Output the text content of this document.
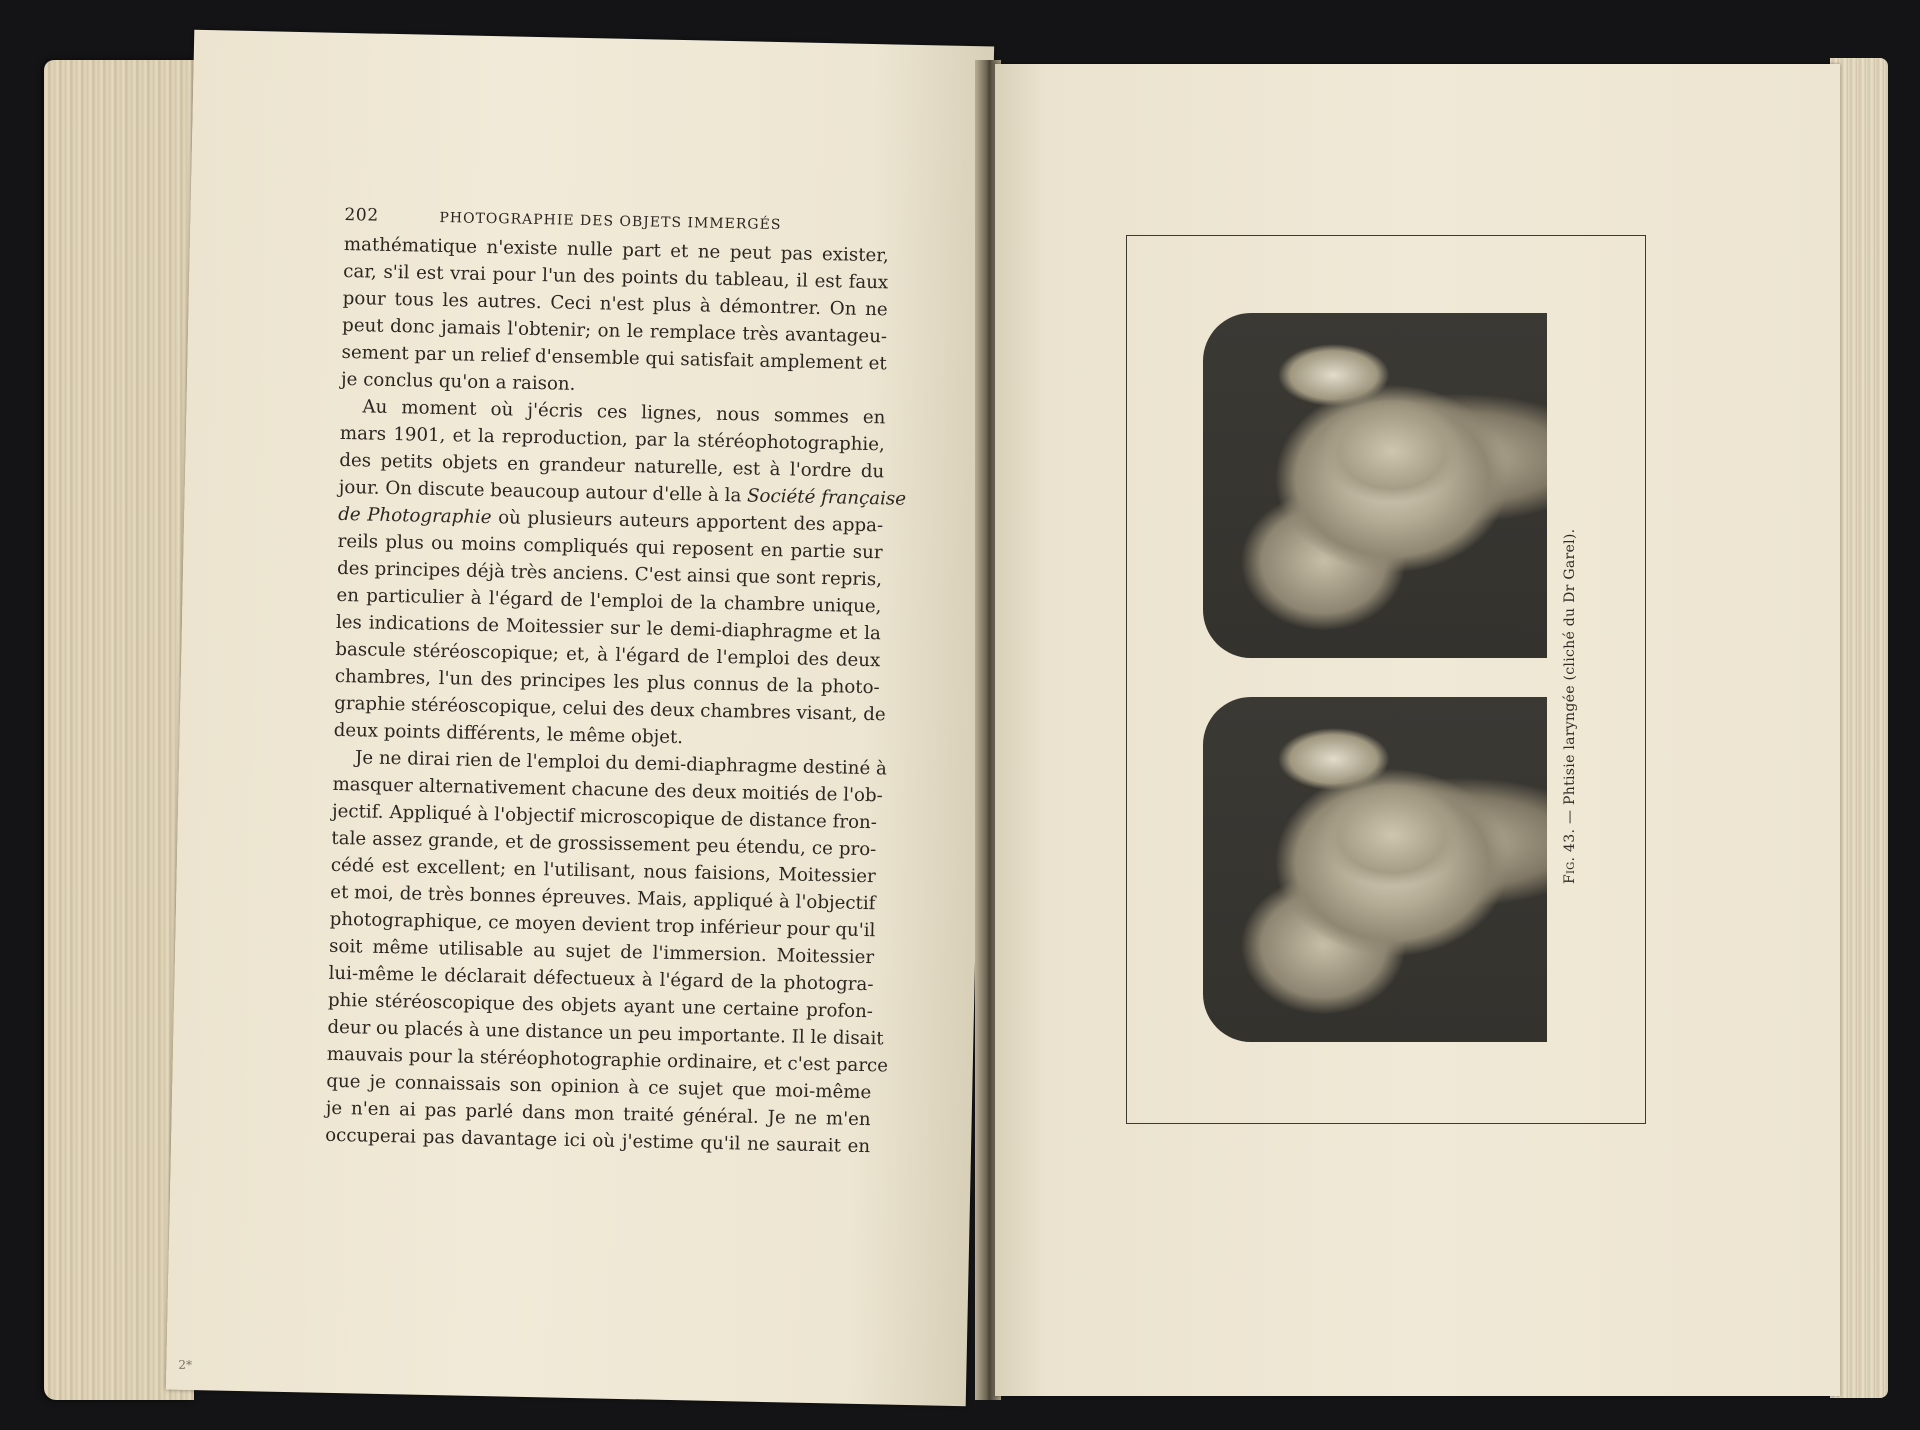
202	PHOTOGRAPHIE DES OBJETS IMMERGÉS
mathématique n'existe nulle part et ne peut pas exister,
car, s'il est vrai pour l'un des points du tableau, il est faux
pour tous les autres. Ceci n'est plus à démontrer. On ne
peut donc jamais l'obtenir; on le remplace très avantageu-
sement par un relief d'ensemble qui satisfait amplement et
je conclus qu'on a raison.
Au moment où j'écris ces lignes, nous sommes en
mars 1901, et la reproduction, par la stéréophotographie,
des petits objets en grandeur naturelle, est à l'ordre du
jour. On discute beaucoup autour d'elle à la Société française
de Photographie où plusieurs auteurs apportent des appa-
reils plus ou moins compliqués qui reposent en partie sur
des principes déjà très anciens. C'est ainsi que sont repris,
en particulier à l'égard de l'emploi de la chambre unique,
les indications de Moitessier sur le demi-diaphragme et la
bascule stéréoscopique; et, à l'égard de l'emploi des deux
chambres, l'un des principes les plus connus de la photo-
graphie stéréoscopique, celui des deux chambres visant, de
deux points différents, le même objet.
Je ne dirai rien de l'emploi du demi-diaphragme destiné à
masquer alternativement chacune des deux moitiés de l'ob-
jectif. Appliqué à l'objectif microscopique de distance fron-
tale assez grande, et de grossissement peu étendu, ce pro-
cédé est excellent; en l'utilisant, nous faisions, Moitessier
et moi, de très bonnes épreuves. Mais, appliqué à l'objectif
photographique, ce moyen devient trop inférieur pour qu'il
soit même utilisable au sujet de l'immersion. Moitessier
lui-même le déclarait défectueux à l'égard de la photogra-
phie stéréoscopique des objets ayant une certaine profon-
deur ou placés à une distance un peu importante. Il le disait
mauvais pour la stéréophotographie ordinaire, et c'est parce
que je connaissais son opinion à ce sujet que moi-même
je n'en ai pas parlé dans mon traité général. Je ne m'en
occuperai pas davantage ici où j'estime qu'il ne saurait en
2*
Fig. 43. — Phtisie laryngée (cliché du Dr Garel).
